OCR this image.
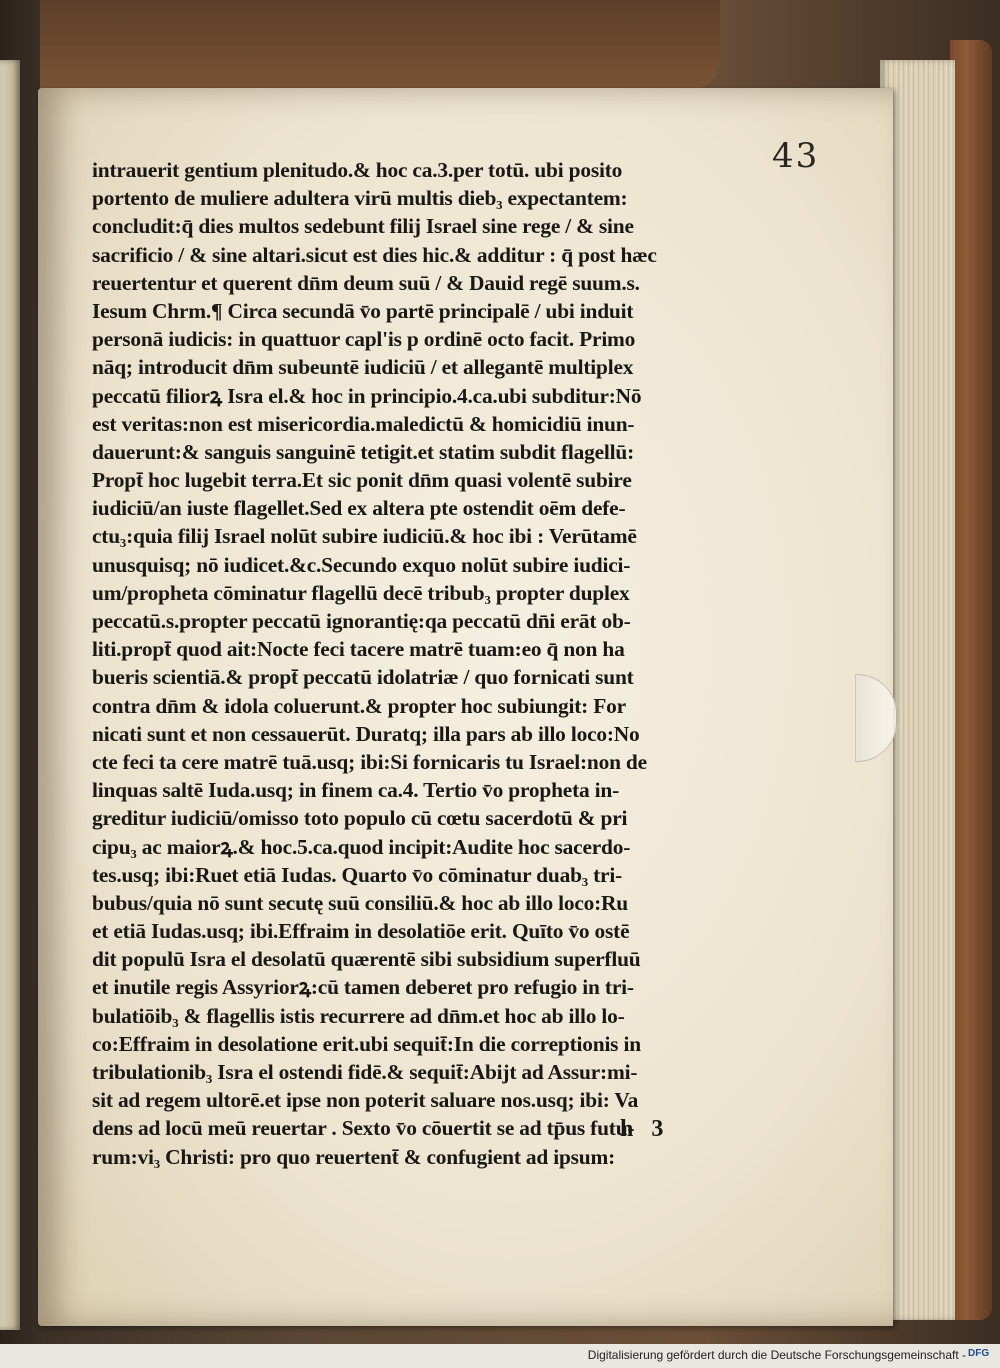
43
intrauerit gentium plenitudo.& hoc ca.3.per totū. ubi posito
portento de muliere adultera virū multis dieb₃ expectantem:
concludit:q̄ dies multos sedebunt filij Israel sine rege / & sine
sacrificio / & sine altari.sicut est dies hic.& additur : q̄ post hæc
reuertentur et querent dn̄m deum suū / & Dauid regē suum.s.
Iesum Chrm.¶ Circa secundā v̄o partē principalē / ubi induit
personā iudicis: in quattuor capl'is p ordinē octo facit. Primo
nāq; introducit dn̄m subeuntē iudiciū / et allegantē multiplex
peccatū filiorꝝ Isra el.& hoc in principio.4.ca.ubi subditur:Nō
est veritas:non est misericordia.maledictū & homicidiū inun-
dauerunt:& sanguis sanguinē tetigit.et statim subdit flagellū:
Propt̄ hoc lugebit terra.Et sic ponit dn̄m quasi volentē subire
iudiciū/an iuste flagellet.Sed ex altera pte ostendit oēm defe-
ctu₃:quia filij Israel nolūt subire iudiciū.& hoc ibi : Verūtamē
unusquisq; nō iudicet.&c.Secundo exquo nolūt subire iudici-
um/propheta cōminatur flagellū decē tribub₃ propter duplex
peccatū.s.propter peccatū ignorantię:qa peccatū dn̄i erāt ob-
liti.propt̄ quod ait:Nocte feci tacere matrē tuam:eo q̄ non ha
bueris scientiā.& propt̄ peccatū idolatriæ / quo fornicati sunt
contra dn̄m & idola coluerunt.& propter hoc subiungit: For
nicati sunt et non cessauerūt. Duratq; illa pars ab illo loco:No
cte feci ta cere matrē tuā.usq; ibi:Si fornicaris tu Israel:non de
linquas saltē Iuda.usq; in finem ca.4. Tertio v̄o propheta in-
greditur iudiciū/omisso toto populo cū cœtu sacerdotū & pri
cipu₃ ac maiorꝝ.& hoc.5.ca.quod incipit:Audite hoc sacerdo-
tes.usq; ibi:Ruet etiā Iudas. Quarto v̄o cōminatur duab₃ tri-
bubus/quia nō sunt secutę suū consiliū.& hoc ab illo loco:Ru
et etiā Iudas.usq; ibi.Effraim in desolatiōe erit. Quīto v̄o ostē
dit populū Isra el desolatū quærentē sibi subsidium superfluū
et inutile regis Assyriorꝝ:cū tamen deberet pro refugio in tri-
bulatiōib₃ & flagellis istis recurrere ad dn̄m.et hoc ab illo lo-
co:Effraim in desolatione erit.ubi sequit̄:In die correptionis in
tribulationib₃ Isra el ostendi fidē.& sequit̄:Abijt ad Assur:mi-
sit ad regem ultorē.et ipse non poterit saluare nos.usq; ibi: Va
dens ad locū meū reuertar . Sexto v̄o cōuertit se ad tp̄us futu-
rum:vi₃ Christi: pro quo reuertent̄ & confugient ad ipsum:
h 3
Digitalisierung gefördert durch die Deutsche Forschungsgemeinschaft - DFG
